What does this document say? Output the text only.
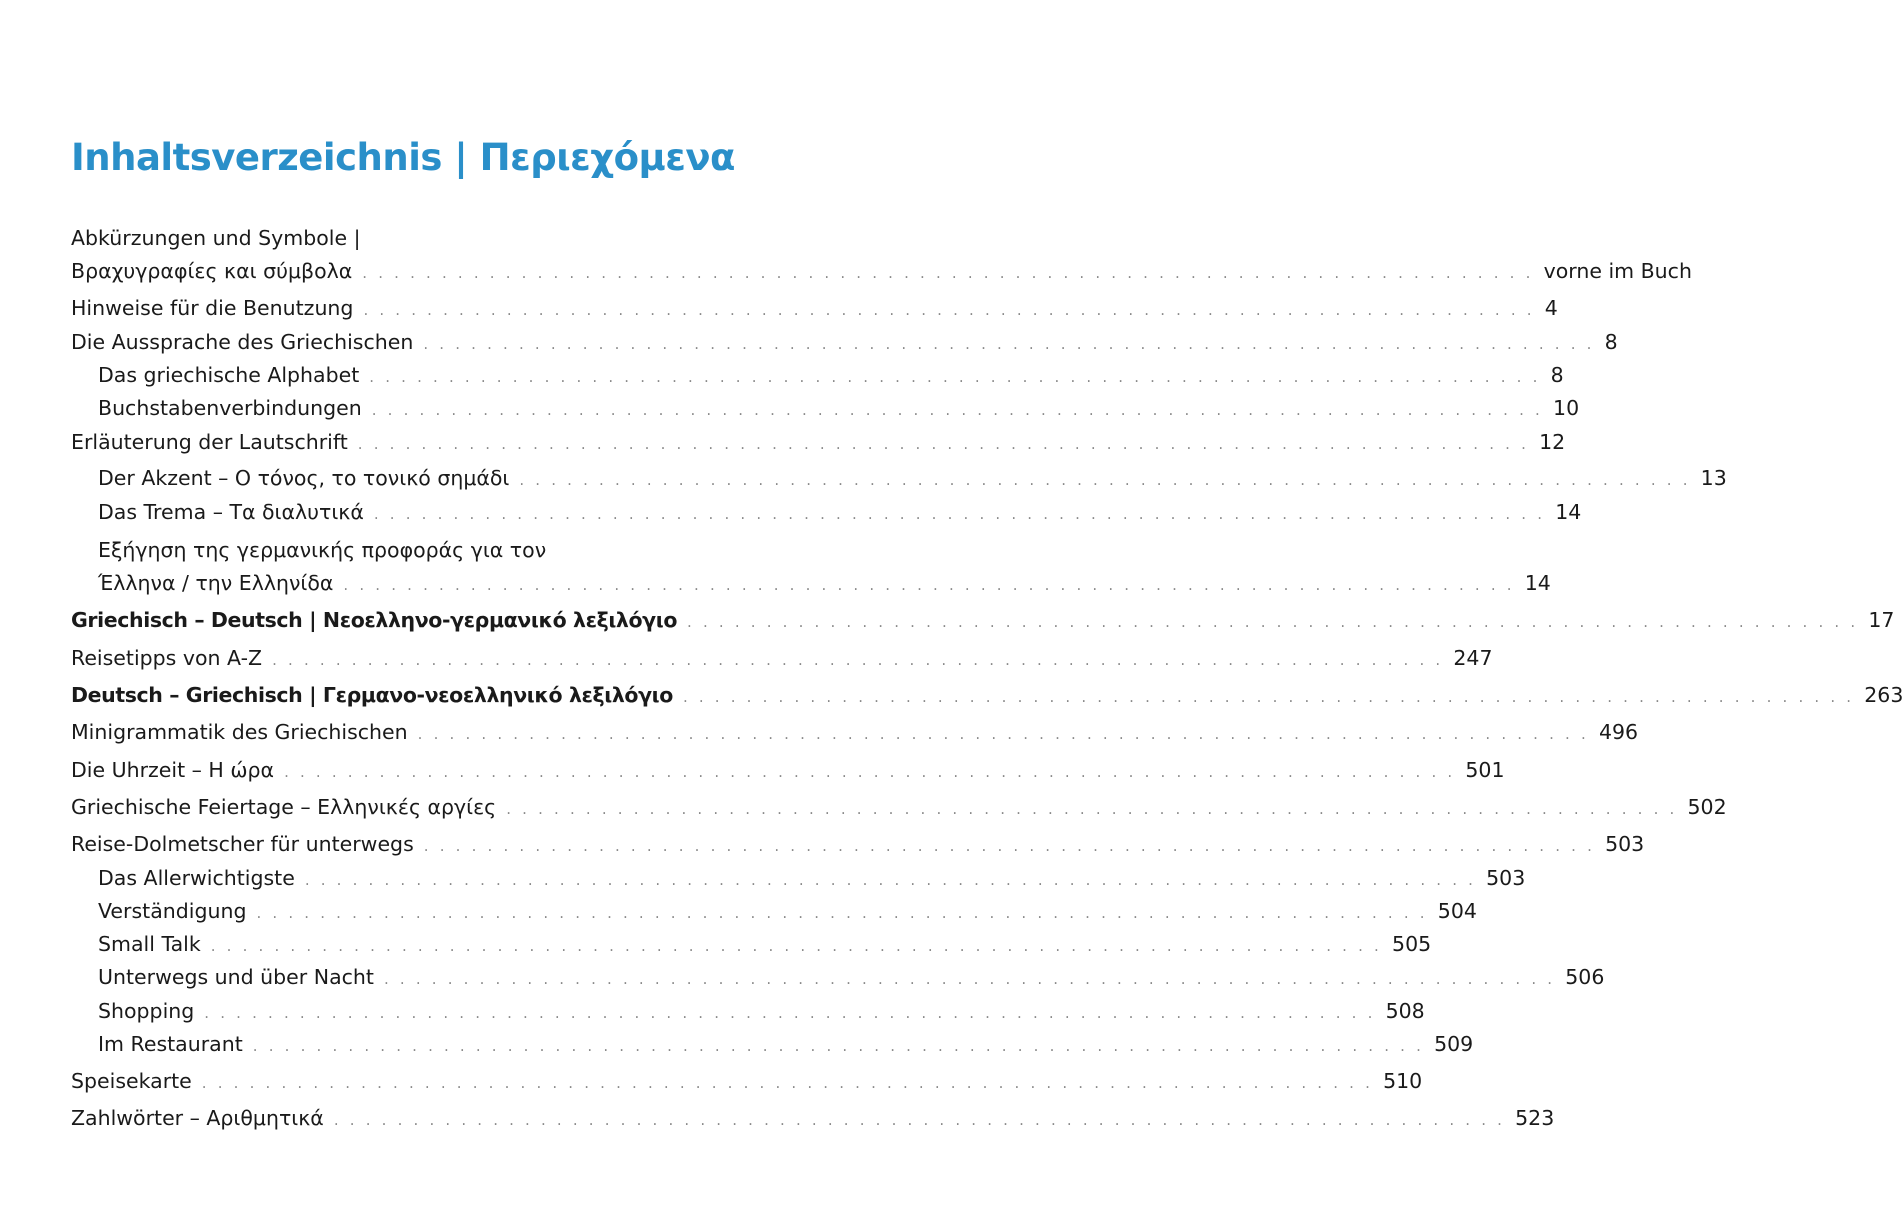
Inhaltsverzeichnis | Περιεχόμενα
Abkürzungen und Symbole |
Βραχυγραφίες και σύμβολα . . . . . . . . . . . . . . . . . . . . . . . . . . . . . . . . . . . . . . . . . . . . . . . . . . . . . . . . . . . . . . . . . . . . . . . . . . vorne im Buch
Hinweise für die Benutzung . . . . . . . . . . . . . . . . . . . . . . . . . . . . . . . . . . . . . . . . . . . . . . . . . . . . . . . . . . . . . . . . . . . . . . . . . . 4
Die Aussprache des Griechischen . . . . . . . . . . . . . . . . . . . . . . . . . . . . . . . . . . . . . . . . . . . . . . . . . . . . . . . . . . . . . . . . . . . . . . . . . . 8
Das griechische Alphabet . . . . . . . . . . . . . . . . . . . . . . . . . . . . . . . . . . . . . . . . . . . . . . . . . . . . . . . . . . . . . . . . . . . . . . . . . . 8
Buchstabenverbindungen . . . . . . . . . . . . . . . . . . . . . . . . . . . . . . . . . . . . . . . . . . . . . . . . . . . . . . . . . . . . . . . . . . . . . . . . . . 10
Erläuterung der Lautschrift . . . . . . . . . . . . . . . . . . . . . . . . . . . . . . . . . . . . . . . . . . . . . . . . . . . . . . . . . . . . . . . . . . . . . . . . . . 12
Der Akzent – Ο τόνος, το τονικό σημάδι . . . . . . . . . . . . . . . . . . . . . . . . . . . . . . . . . . . . . . . . . . . . . . . . . . . . . . . . . . . . . . . . . . . . . . . . . . 13
Das Trema – Τα διαλυτικά . . . . . . . . . . . . . . . . . . . . . . . . . . . . . . . . . . . . . . . . . . . . . . . . . . . . . . . . . . . . . . . . . . . . . . . . . . 14
Εξήγηση της γερμανικής προφοράς για τον
Έλληνα / την Ελληνίδα . . . . . . . . . . . . . . . . . . . . . . . . . . . . . . . . . . . . . . . . . . . . . . . . . . . . . . . . . . . . . . . . . . . . . . . . . . 14
Griechisch – Deutsch | Νεοελληνο-γερμανικό λεξιλόγιο . . . . . . . . . . . . . . . . . . . . . . . . . . . . . . . . . . . . . . . . . . . . . . . . . . . . . . . . . . . . . . . . . . . . . . . . . . 17
Reisetipps von A-Z . . . . . . . . . . . . . . . . . . . . . . . . . . . . . . . . . . . . . . . . . . . . . . . . . . . . . . . . . . . . . . . . . . . . . . . . . . 247
Deutsch – Griechisch | Γερμανο-νεοελληνικό λεξιλόγιο . . . . . . . . . . . . . . . . . . . . . . . . . . . . . . . . . . . . . . . . . . . . . . . . . . . . . . . . . . . . . . . . . . . . . . . . . . 263
Minigrammatik des Griechischen . . . . . . . . . . . . . . . . . . . . . . . . . . . . . . . . . . . . . . . . . . . . . . . . . . . . . . . . . . . . . . . . . . . . . . . . . . 496
Die Uhrzeit – Η ώρα . . . . . . . . . . . . . . . . . . . . . . . . . . . . . . . . . . . . . . . . . . . . . . . . . . . . . . . . . . . . . . . . . . . . . . . . . . 501
Griechische Feiertage – Ελληνικές αργίες . . . . . . . . . . . . . . . . . . . . . . . . . . . . . . . . . . . . . . . . . . . . . . . . . . . . . . . . . . . . . . . . . . . . . . . . . . 502
Reise-Dolmetscher für unterwegs . . . . . . . . . . . . . . . . . . . . . . . . . . . . . . . . . . . . . . . . . . . . . . . . . . . . . . . . . . . . . . . . . . . . . . . . . . 503
Das Allerwichtigste . . . . . . . . . . . . . . . . . . . . . . . . . . . . . . . . . . . . . . . . . . . . . . . . . . . . . . . . . . . . . . . . . . . . . . . . . . 503
Verständigung . . . . . . . . . . . . . . . . . . . . . . . . . . . . . . . . . . . . . . . . . . . . . . . . . . . . . . . . . . . . . . . . . . . . . . . . . . 504
Small Talk . . . . . . . . . . . . . . . . . . . . . . . . . . . . . . . . . . . . . . . . . . . . . . . . . . . . . . . . . . . . . . . . . . . . . . . . . . 505
Unterwegs und über Nacht . . . . . . . . . . . . . . . . . . . . . . . . . . . . . . . . . . . . . . . . . . . . . . . . . . . . . . . . . . . . . . . . . . . . . . . . . . 506
Shopping . . . . . . . . . . . . . . . . . . . . . . . . . . . . . . . . . . . . . . . . . . . . . . . . . . . . . . . . . . . . . . . . . . . . . . . . . . 508
Im Restaurant . . . . . . . . . . . . . . . . . . . . . . . . . . . . . . . . . . . . . . . . . . . . . . . . . . . . . . . . . . . . . . . . . . . . . . . . . . 509
Speisekarte . . . . . . . . . . . . . . . . . . . . . . . . . . . . . . . . . . . . . . . . . . . . . . . . . . . . . . . . . . . . . . . . . . . . . . . . . . 510
Zahlwörter – Αριθμητικά . . . . . . . . . . . . . . . . . . . . . . . . . . . . . . . . . . . . . . . . . . . . . . . . . . . . . . . . . . . . . . . . . . . . . . . . . . 523
